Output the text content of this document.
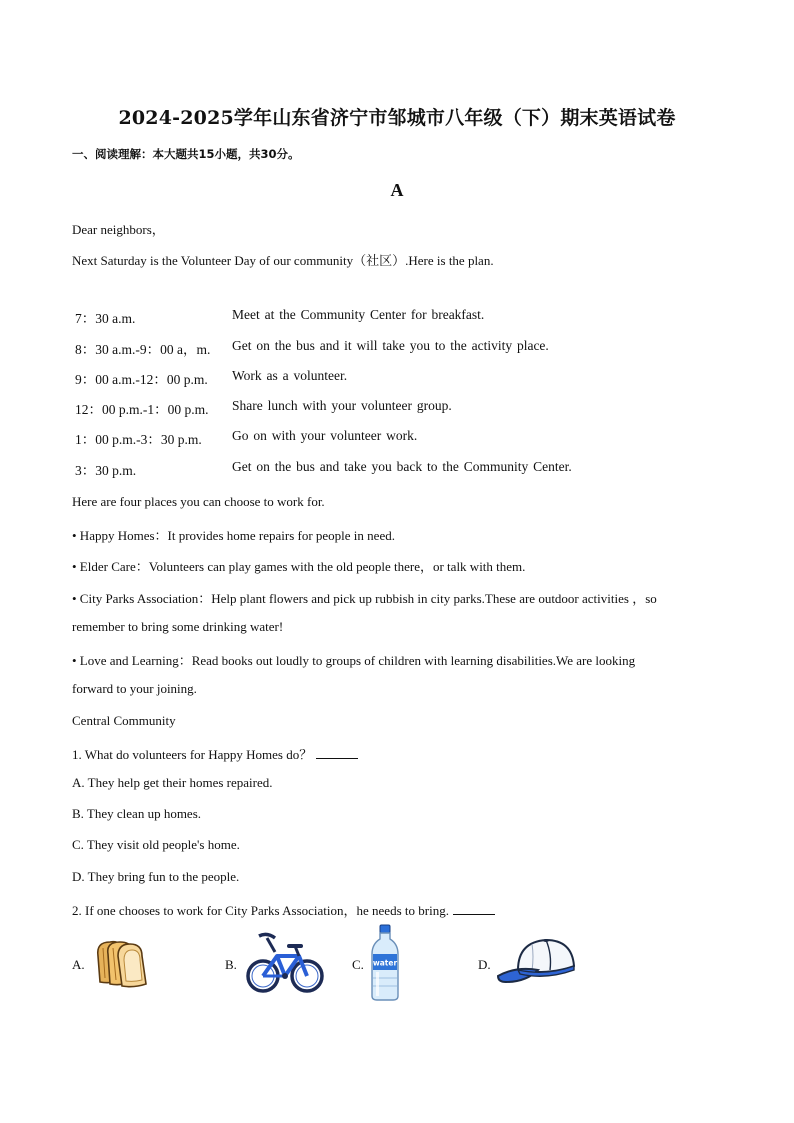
2024-2025学年山东省济宁市邹城市八年级（下）期末英语试卷
一、阅读理解：本大题共15小题，共30分。
A
Dear neighbors，
Next Saturday is the Volunteer Day of our community（社区）.Here is the plan.
7：30 a.m.	Meet at the Community Center for breakfast.
8：30 a.m.-9：00 a，m. Get on the bus and it will take you to the activity place.
9：00 a.m.-12：00 p.m. Work as a volunteer.
12：00 p.m.-1：00 p.m. Share lunch with your volunteer group.
1：00 p.m.-3：30 p.m. Go on with your volunteer work.
3：30 p.m.	Get on the bus and take you back to the Community Center.
Here are four places you can choose to work for.
• Happy Homes：It provides home repairs for people in need.
• Elder Care：Volunteers can play games with the old people there，or talk with them.
• City Parks Association：Help plant flowers and pick up rubbish in city parks.These are outdoor activities ，so
remember to bring some drinking water!
• Love and Learning：Read books out loudly to groups of children with learning disabilities.We are looking
forward to your joining.
Central Community
1. What do volunteers for Happy Homes do？
A. They help get their homes repaired.
B. They clean up homes.
C. They visit old people's home.
D. They bring fun to the people.
2. If one chooses to work for City Parks Association，he needs to bring.
A.	B.	C. water	D.
